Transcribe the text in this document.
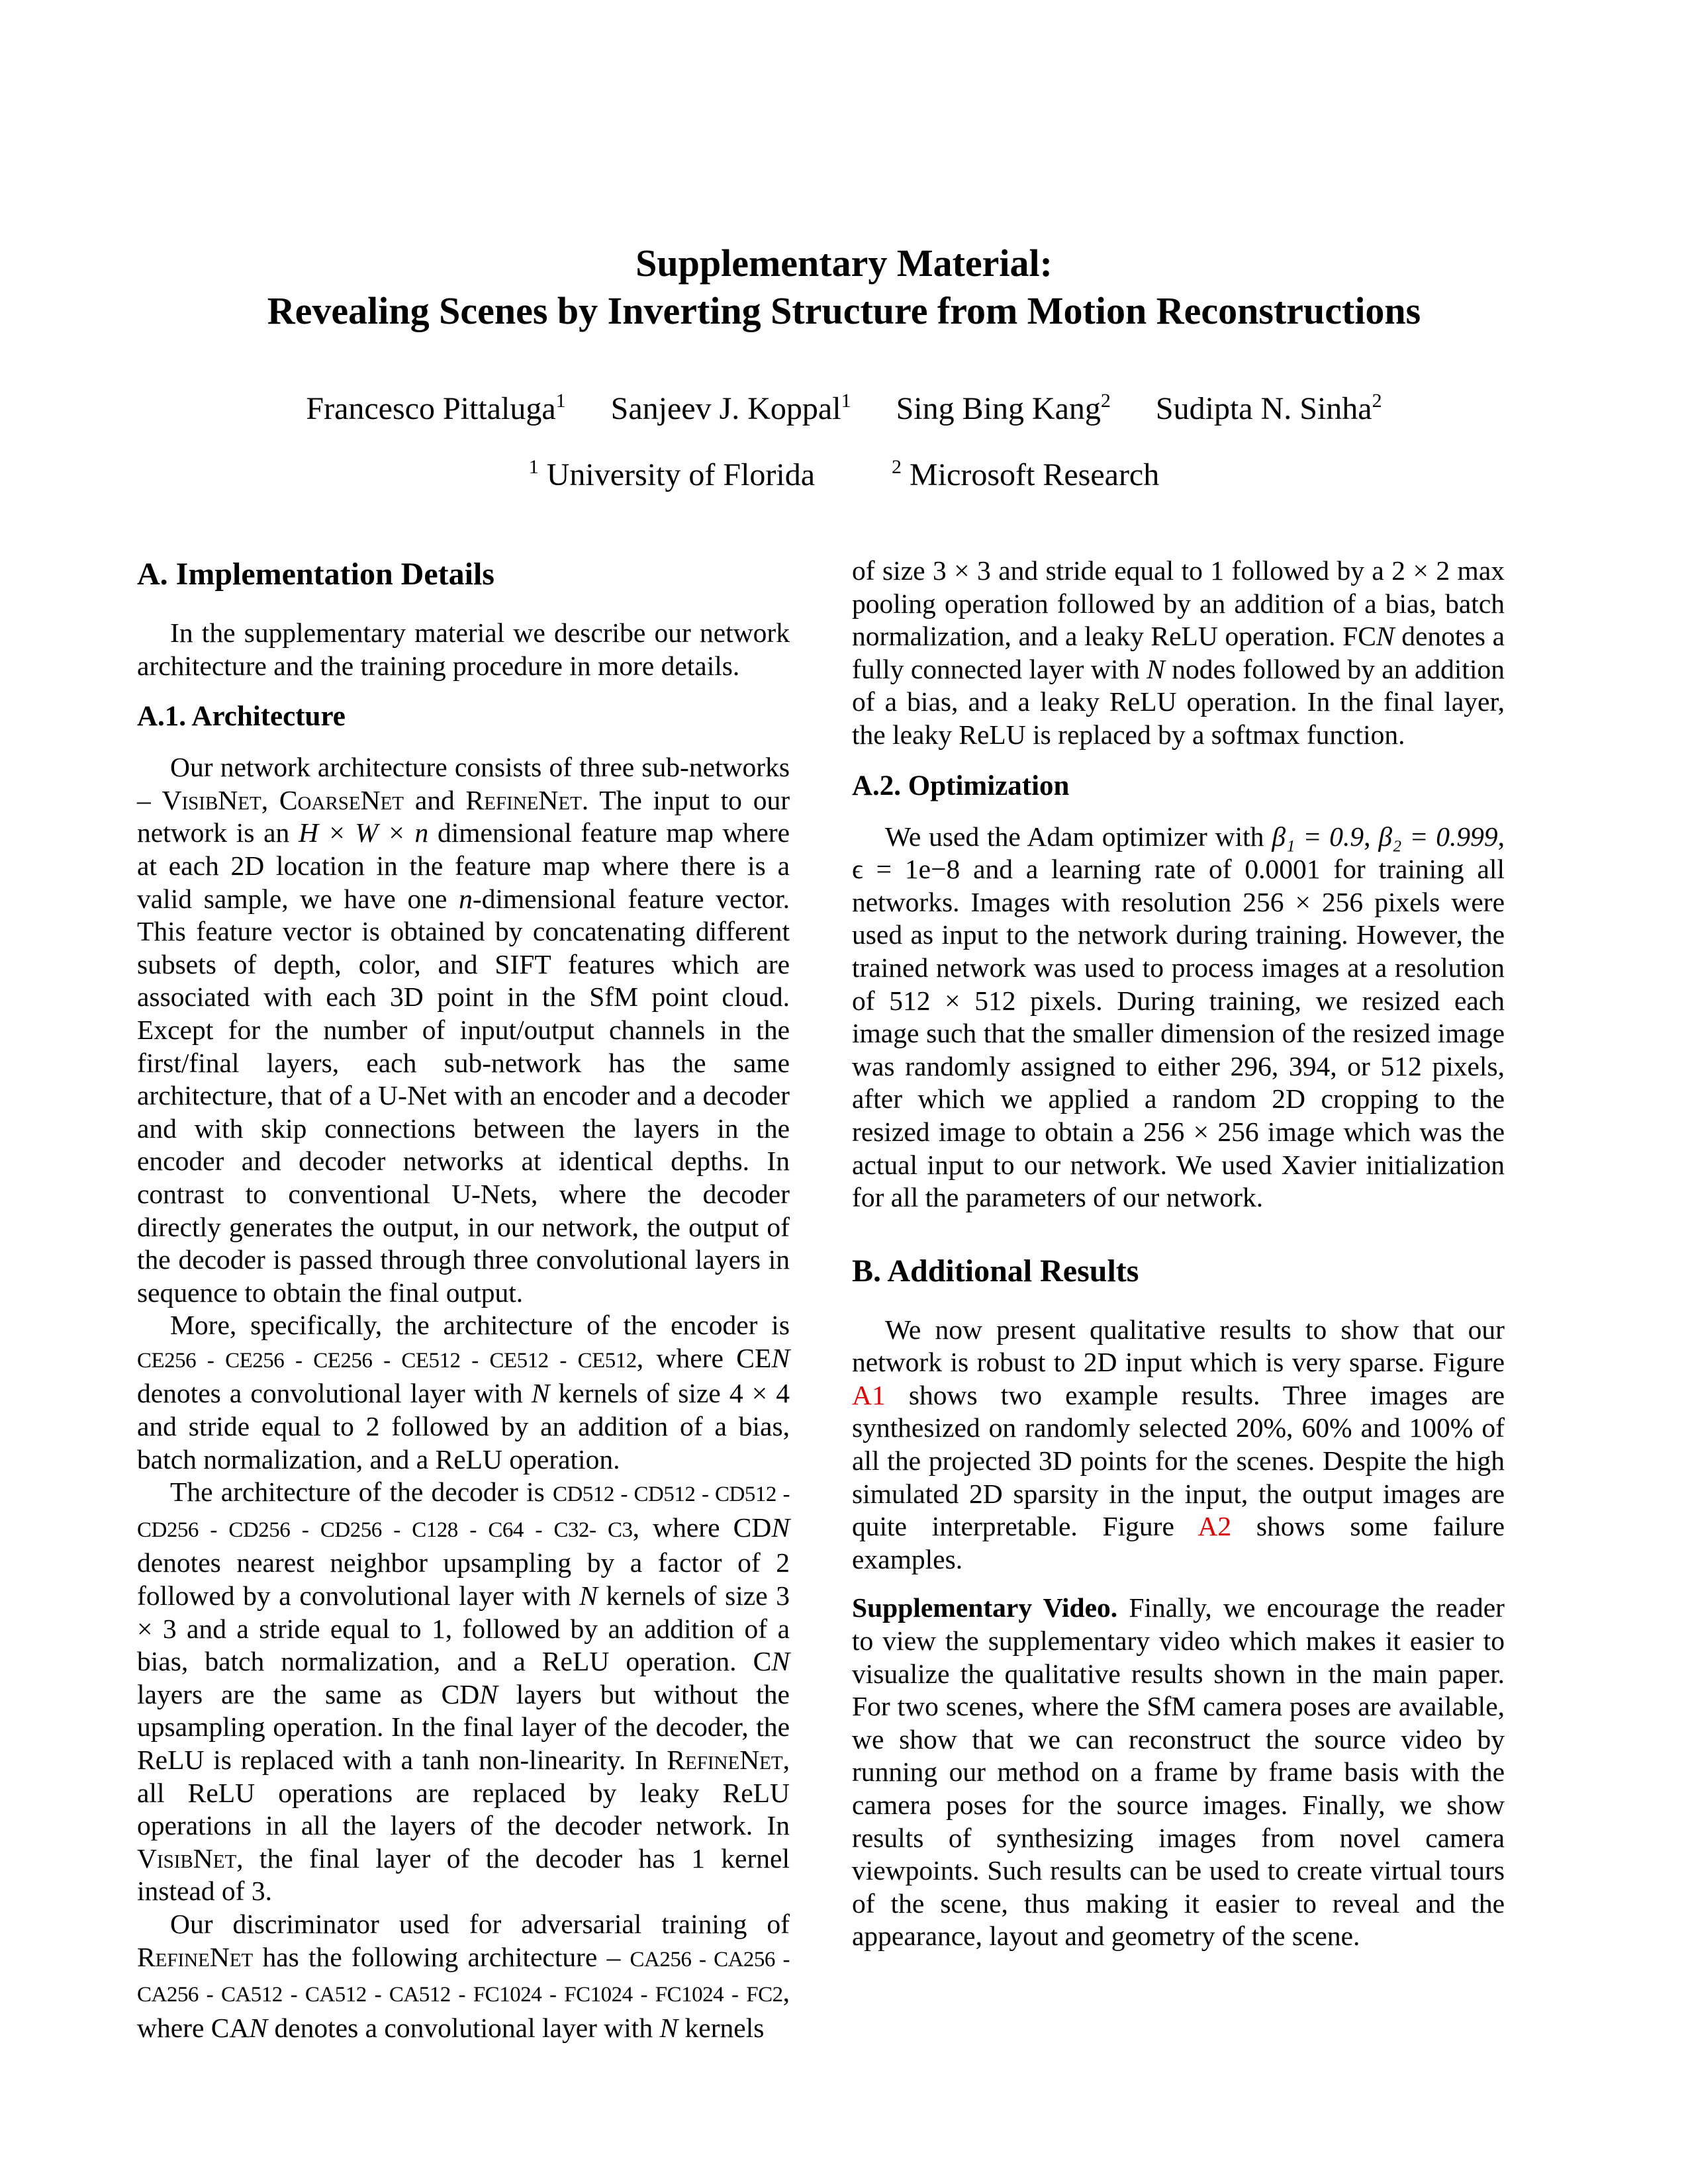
Supplementary Material:
Revealing Scenes by Inverting Structure from Motion Reconstructions
Francesco Pittaluga$^1$ Sanjeev J. Koppal$^1$ Sing Bing Kang$^2$ Sudipta N. Sinha$^2$
$^1$ University of Florida	$^2$ Microsoft Research
A. Implementation Details

In the supplementary material we describe our network architecture and the training procedure in more details.

A.1. Architecture

Our network architecture consists of three sub-networks – VisibNet, CoarseNet and RefineNet. The input to our network is an H × W × n dimensional feature map where at each 2D location in the feature map where there is a valid sample, we have one n-dimensional feature vector. This feature vector is obtained by concatenating different subsets of depth, color, and SIFT features which are associated with each 3D point in the SfM point cloud. Except for the number of input/output channels in the first/final layers, each sub-network has the same architecture, that of a U-Net with an encoder and a decoder and with skip connections between the layers in the encoder and decoder networks at identical depths. In contrast to conventional U-Nets, where the decoder directly generates the output, in our network, the output of the decoder is passed through three convolutional layers in sequence to obtain the final output.

More, specifically, the architecture of the encoder is CE256 - CE256 - CE256 - CE512 - CE512 - CE512, where CEN denotes a convolutional layer with N kernels of size 4 × 4 and stride equal to 2 followed by an addition of a bias, batch normalization, and a ReLU operation.

The architecture of the decoder is CD512 - CD512 - CD512 - CD256 - CD256 - CD256 - C128 - C64 - C32- C3, where CDN denotes nearest neighbor upsampling by a factor of 2 followed by a convolutional layer with N kernels of size 3 × 3 and a stride equal to 1, followed by an addition of a bias, batch normalization, and a ReLU operation. CN layers are the same as CDN layers but without the upsampling operation. In the final layer of the decoder, the ReLU is replaced with a tanh non-linearity. In RefineNet, all ReLU operations are replaced by leaky ReLU operations in all the layers of the decoder network. In VisibNet, the final layer of the decoder has 1 kernel instead of 3.

Our discriminator used for adversarial training of RefineNet has the following architecture – CA256 - CA256 - CA256 - CA512 - CA512 - CA512 - FC1024 - FC1024 - FC1024 - FC2, where CAN denotes a convolutional layer with N kernels

of size 3 × 3 and stride equal to 1 followed by a 2 × 2 max pooling operation followed by an addition of a bias, batch normalization, and a leaky ReLU operation. FCN denotes a fully connected layer with N nodes followed by an addition of a bias, and a leaky ReLU operation. In the final layer, the leaky ReLU is replaced by a softmax function.

A.2. Optimization

We used the Adam optimizer with β₁ = 0.9, β₂ = 0.999, ϵ = 1e−8 and a learning rate of 0.0001 for training all networks. Images with resolution 256 × 256 pixels were used as input to the network during training. However, the trained network was used to process images at a resolution of 512 × 512 pixels. During training, we resized each image such that the smaller dimension of the resized image was randomly assigned to either 296, 394, or 512 pixels, after which we applied a random 2D cropping to the resized image to obtain a 256 × 256 image which was the actual input to our network. We used Xavier initialization for all the parameters of our network.

B. Additional Results

We now present qualitative results to show that our network is robust to 2D input which is very sparse. Figure A1 shows two example results. Three images are synthesized on randomly selected 20%, 60% and 100% of all the projected 3D points for the scenes. Despite the high simulated 2D sparsity in the input, the output images are quite interpretable. Figure A2 shows some failure examples.

Supplementary Video. Finally, we encourage the reader to view the supplementary video which makes it easier to visualize the qualitative results shown in the main paper. For two scenes, where the SfM camera poses are available, we show that we can reconstruct the source video by running our method on a frame by frame basis with the camera poses for the source images. Finally, we show results of synthesizing images from novel camera viewpoints. Such results can be used to create virtual tours of the scene, thus making it easier to reveal and the appearance, layout and geometry of the scene.
